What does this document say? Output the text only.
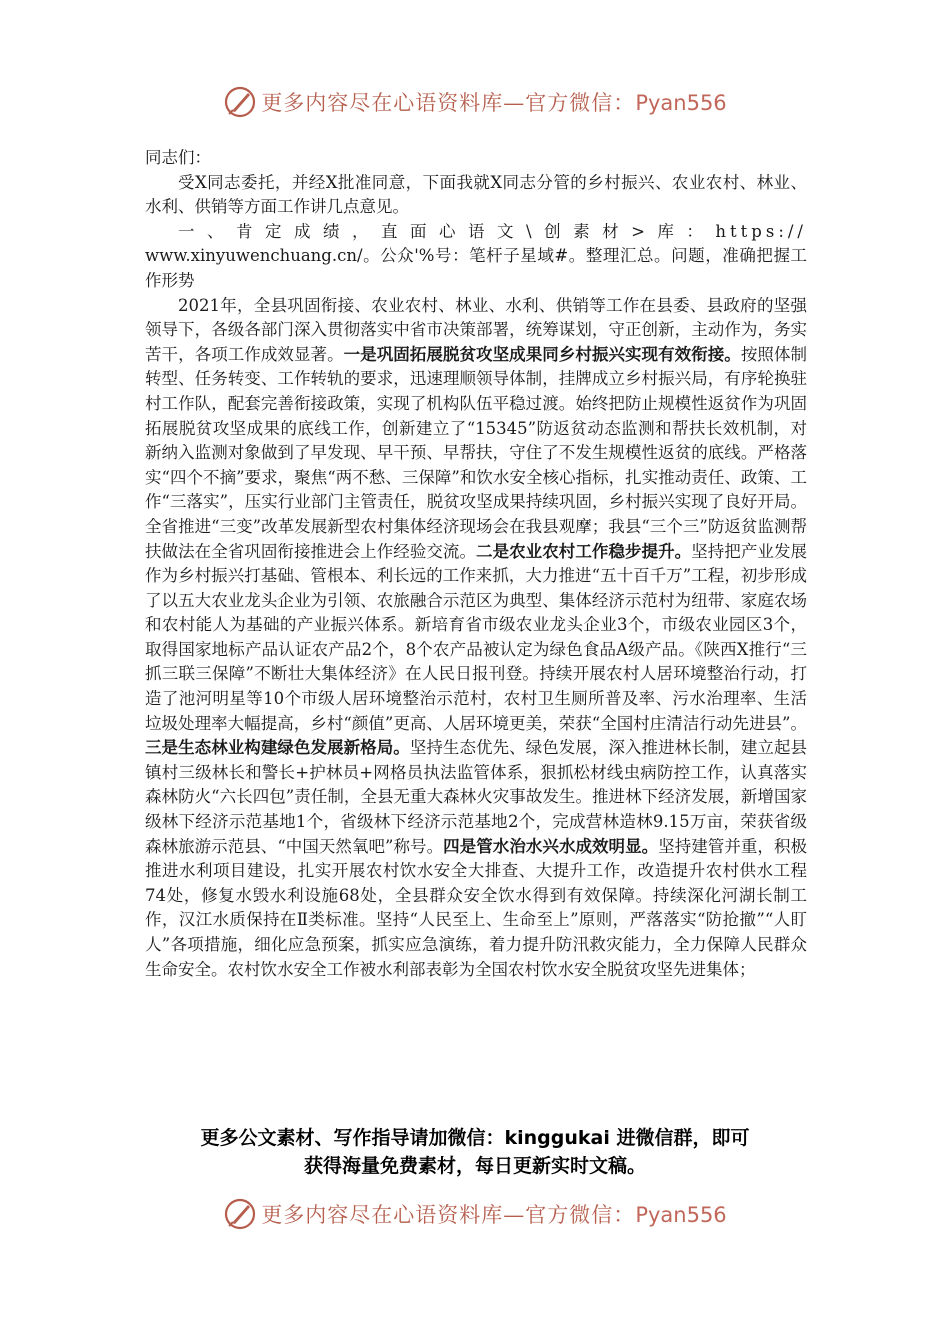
更多内容尽在心语资料库—官方微信：Pyan556

同志们：

受X同志委托，并经X批准同意，下面我就X同志分管的乡村振兴、农业农村、林业、水利、供销等方面工作讲几点意见。

一、肯定成绩，直面心语文\创素材>库：https://

www.xinyuwenchuang.cn/。公众'%号：笔杆子星域#。整理汇总。问题，准确把握工作形势

2021年，全县巩固衔接、农业农村、林业、水利、供销等工作在县委、县政府的坚强领导下，各级各部门深入贯彻落实中省市决策部署，统筹谋划，守正创新，主动作为，务实苦干，各项工作成效显著。一是巩固拓展脱贫攻坚成果同乡村振兴实现有效衔接。按照体制转型、任务转变、工作转轨的要求，迅速理顺领导体制，挂牌成立乡村振兴局，有序轮换驻村工作队，配套完善衔接政策，实现了机构队伍平稳过渡。始终把防止规模性返贫作为巩固拓展脱贫攻坚成果的底线工作，创新建立了“15345”防返贫动态监测和帮扶长效机制，对新纳入监测对象做到了早发现、早干预、早帮扶，守住了不发生规模性返贫的底线。严格落实“四个不摘”要求，聚焦“两不愁、三保障”和饮水安全核心指标，扎实推动责任、政策、工作“三落实”，压实行业部门主管责任，脱贫攻坚成果持续巩固，乡村振兴实现了良好开局。全省推进“三变”改革发展新型农村集体经济现场会在我县观摩；我县“三个三”防返贫监测帮扶做法在全省巩固衔接推进会上作经验交流。二是农业农村工作稳步提升。坚持把产业发展作为乡村振兴打基础、管根本、利长远的工作来抓，大力推进“五十百千万”工程，初步形成了以五大农业龙头企业为引领、农旅融合示范区为典型、集体经济示范村为纽带、家庭农场和农村能人为基础的产业振兴体系。新培育省市级农业龙头企业3个，市级农业园区3个，取得国家地标产品认证农产品2个，8个农产品被认定为绿色食品A级产品。《陕西X推行“三抓三联三保障”不断壮大集体经济》在人民日报刊登。持续开展农村人居环境整治行动，打造了池河明星等10个市级人居环境整治示范村，农村卫生厕所普及率、污水治理率、生活垃圾处理率大幅提高，乡村“颜值”更高、人居环境更美，荣获“全国村庄清洁行动先进县”。三是生态林业构建绿色发展新格局。坚持生态优先、绿色发展，深入推进林长制，建立起县镇村三级林长和警长+护林员+网格员执法监管体系，狠抓松材线虫病防控工作，认真落实森林防火“六长四包”责任制，全县无重大森林火灾事故发生。推进林下经济发展，新增国家级林下经济示范基地1个，省级林下经济示范基地2个，完成营林造林9.15万亩，荣获省级森林旅游示范县、“中国天然氧吧”称号。四是管水治水兴水成效明显。坚持建管并重，积极推进水利项目建设，扎实开展农村饮水安全大排查、大提升工作，改造提升农村供水工程74处，修复水毁水利设施68处，全县群众安全饮水得到有效保障。持续深化河湖长制工作，汉江水质保持在Ⅱ类标准。坚持“人民至上、生命至上”原则，严落落实“防抢撤”“人盯人”各项措施，细化应急预案，抓实应急演练，着力提升防汛救灾能力，全力保障人民群众生命安全。农村饮水安全工作被水利部表彰为全国农村饮水安全脱贫攻坚先进集体；

更多公文素材、写作指导请加微信：kinggukai 进微信群，即可
获得海量免费素材，每日更新实时文稿。
更多内容尽在心语资料库—官方微信：Pyan556
